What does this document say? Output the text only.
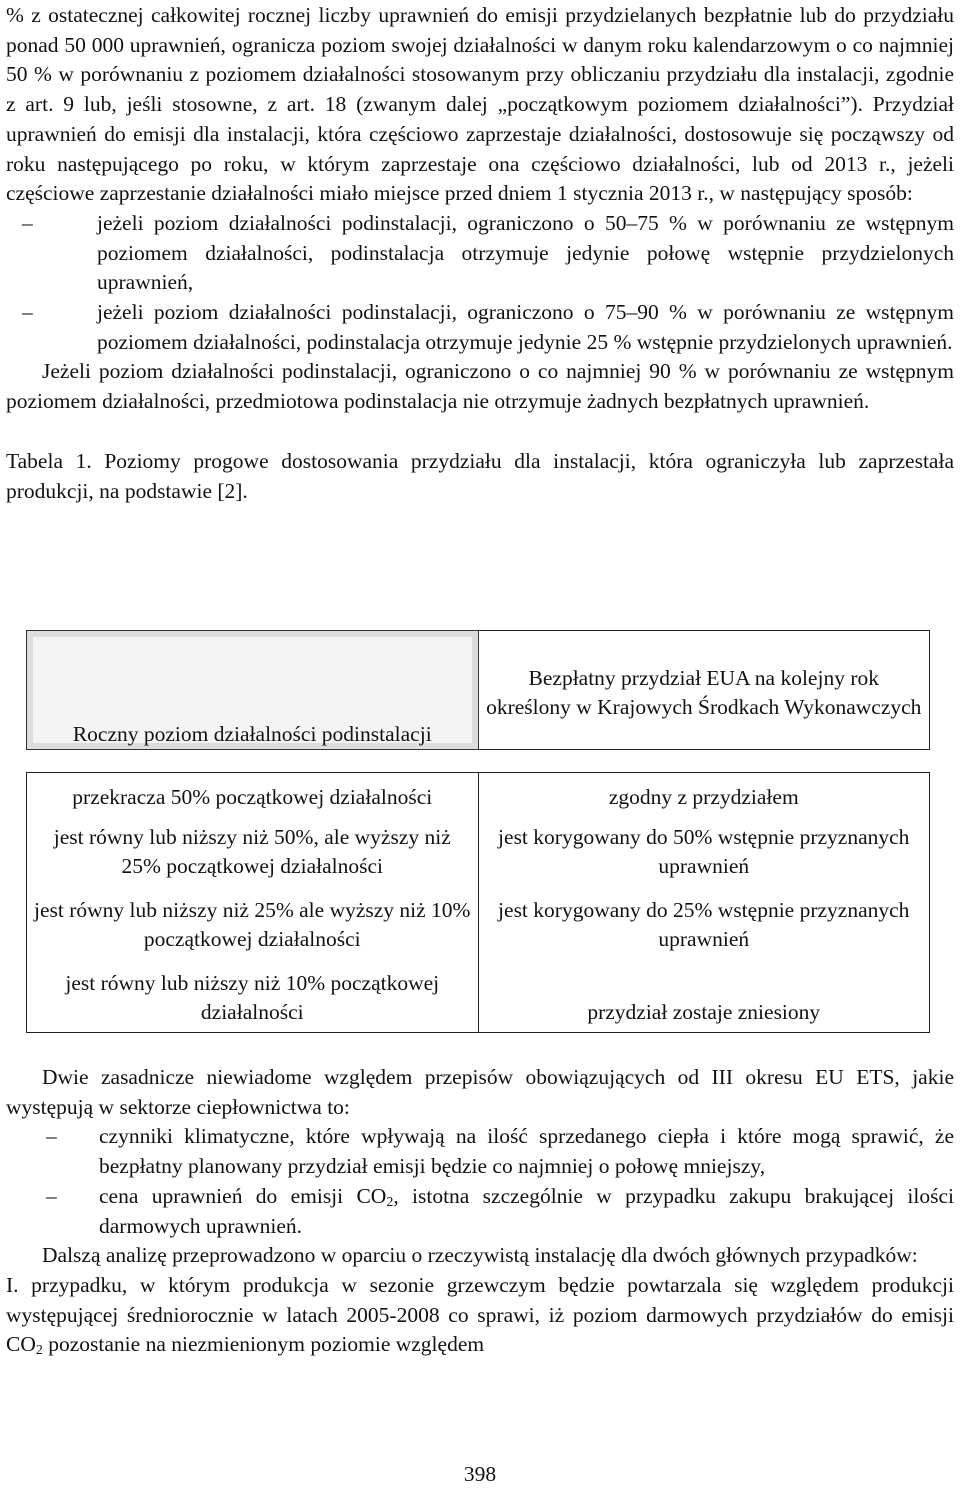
% z ostatecznej całkowitej rocznej liczby uprawnień do emisji przydzielanych bezpłatnie lub do przydziału ponad 50 000 uprawnień, ogranicza poziom swojej działalności w danym roku kalendarzowym o co najmniej 50 % w porównaniu z poziomem działalności stosowanym przy obliczaniu przydziału dla instalacji, zgodnie z art. 9 lub, jeśli stosowne, z art. 18 (zwanym dalej „początkowym poziomem działalności”). Przydział uprawnień do emisji dla instalacji, która częściowo zaprzestaje działalności, dostosowuje się począwszy od roku następującego po roku, w którym zaprzestaje ona częściowo działalności, lub od 2013 r., jeżeli częściowe zaprzestanie działalności miało miejsce przed dniem 1 stycznia 2013 r., w następujący sposób:

–	jeżeli poziom działalności podinstalacji, ograniczono o 50–75 % w porównaniu ze wstępnym poziomem działalności, podinstalacja otrzymuje jedynie połowę wstępnie przydzielonych uprawnień,
–	jeżeli poziom działalności podinstalacji, ograniczono o 75–90 % w porównaniu ze wstępnym poziomem działalności, podinstalacja otrzymuje jedynie 25 % wstępnie przydzielonych uprawnień.

Jeżeli poziom działalności podinstalacji, ograniczono o co najmniej 90 % w porównaniu ze wstępnym poziomem działalności, przedmiotowa podinstalacja nie otrzymuje żadnych bezpłatnych uprawnień.

Tabela 1. Poziomy progowe dostosowania przydziału dla instalacji, która ograniczyła lub zaprzestała produkcji, na podstawie [2].

Roczny poziom działalności podinstalacji	Bezpłatny przydział EUA na kolejny rok określony w Krajowych Środkach Wykonawczych

przekracza 50% początkowej działalności	zgodny z przydziałem
jest równy lub niższy niż 50%, ale wyższy niż 25% początkowej działalności	jest korygowany do 50% wstępnie przyznanych uprawnień
jest równy lub niższy niż 25% ale wyższy niż 10% początkowej działalności	jest korygowany do 25% wstępnie przyznanych uprawnień
jest równy lub niższy niż 10% początkowej działalności	przydział zostaje zniesiony

Dwie zasadnicze niewiadome względem przepisów obowiązujących od III okresu EU ETS, jakie występują w sektorze ciepłownictwa to:

– czynniki klimatyczne, które wpływają na ilość sprzedanego ciepła i które mogą sprawić, że bezpłatny planowany przydział emisji będzie co najmniej o połowę mniejszy,
– cena uprawnień do emisji $CO_2$, istotna szczególnie w przypadku zakupu brakującej ilości darmowych uprawnień.

Dalszą analizę przeprowadzono w oparciu o rzeczywistą instalację dla dwóch głównych przypadków:

I. przypadku, w którym produkcja w sezonie grzewczym będzie powtarzala się względem produkcji występującej średniorocznie w latach 2005-2008 co sprawi, iż poziom darmowych przydziałów do emisji $CO_2$ pozostanie na niezmienionym poziomie względem

398
